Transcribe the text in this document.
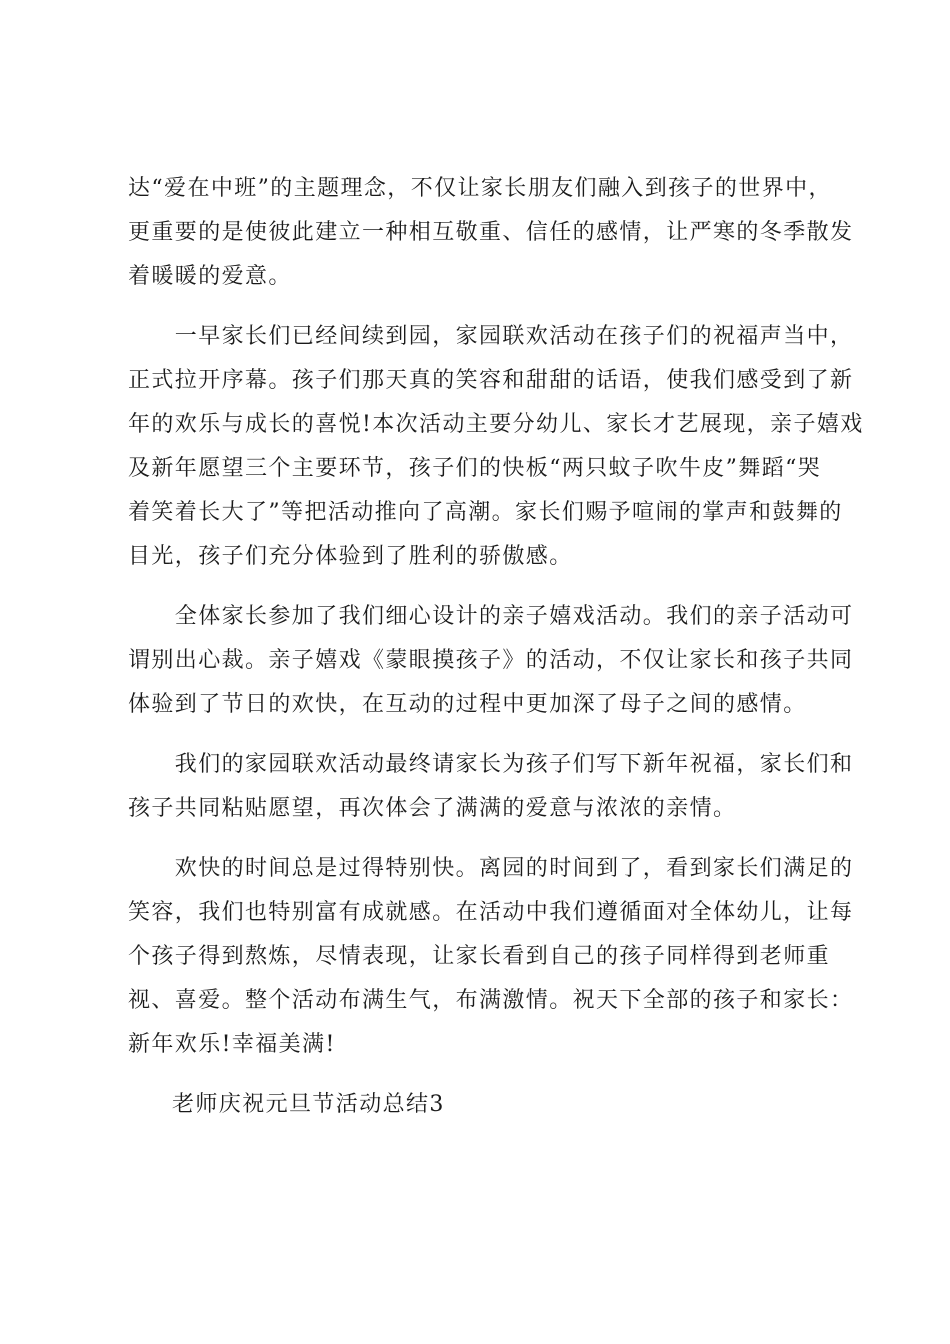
达“爱在中班”的主题理念，不仅让家长朋友们融入到孩子的世界中，
更重要的是使彼此建立一种相互敬重、信任的感情，让严寒的冬季散发
着暖暖的爱意。
　　一早家长们已经间续到园，家园联欢活动在孩子们的祝福声当中，
正式拉开序幕。孩子们那天真的笑容和甜甜的话语，使我们感受到了新
年的欢乐与成长的喜悦!本次活动主要分幼儿、家长才艺展现，亲子嬉戏
及新年愿望三个主要环节，孩子们的快板“两只蚊子吹牛皮”舞蹈“哭
着笑着长大了”等把活动推向了高潮。家长们赐予喧闹的掌声和鼓舞的
目光，孩子们充分体验到了胜利的骄傲感。
　　全体家长参加了我们细心设计的亲子嬉戏活动。我们的亲子活动可
谓别出心裁。亲子嬉戏《蒙眼摸孩子》的活动，不仅让家长和孩子共同
体验到了节日的欢快，在互动的过程中更加深了母子之间的感情。
　　我们的家园联欢活动最终请家长为孩子们写下新年祝福，家长们和
孩子共同粘贴愿望，再次体会了满满的爱意与浓浓的亲情。
　　欢快的时间总是过得特别快。离园的时间到了，看到家长们满足的
笑容，我们也特别富有成就感。在活动中我们遵循面对全体幼儿，让每
个孩子得到熬炼，尽情表现，让家长看到自己的孩子同样得到老师重
视、喜爱。整个活动布满生气，布满激情。祝天下全部的孩子和家长：
新年欢乐!幸福美满!
老师庆祝元旦节活动总结3
